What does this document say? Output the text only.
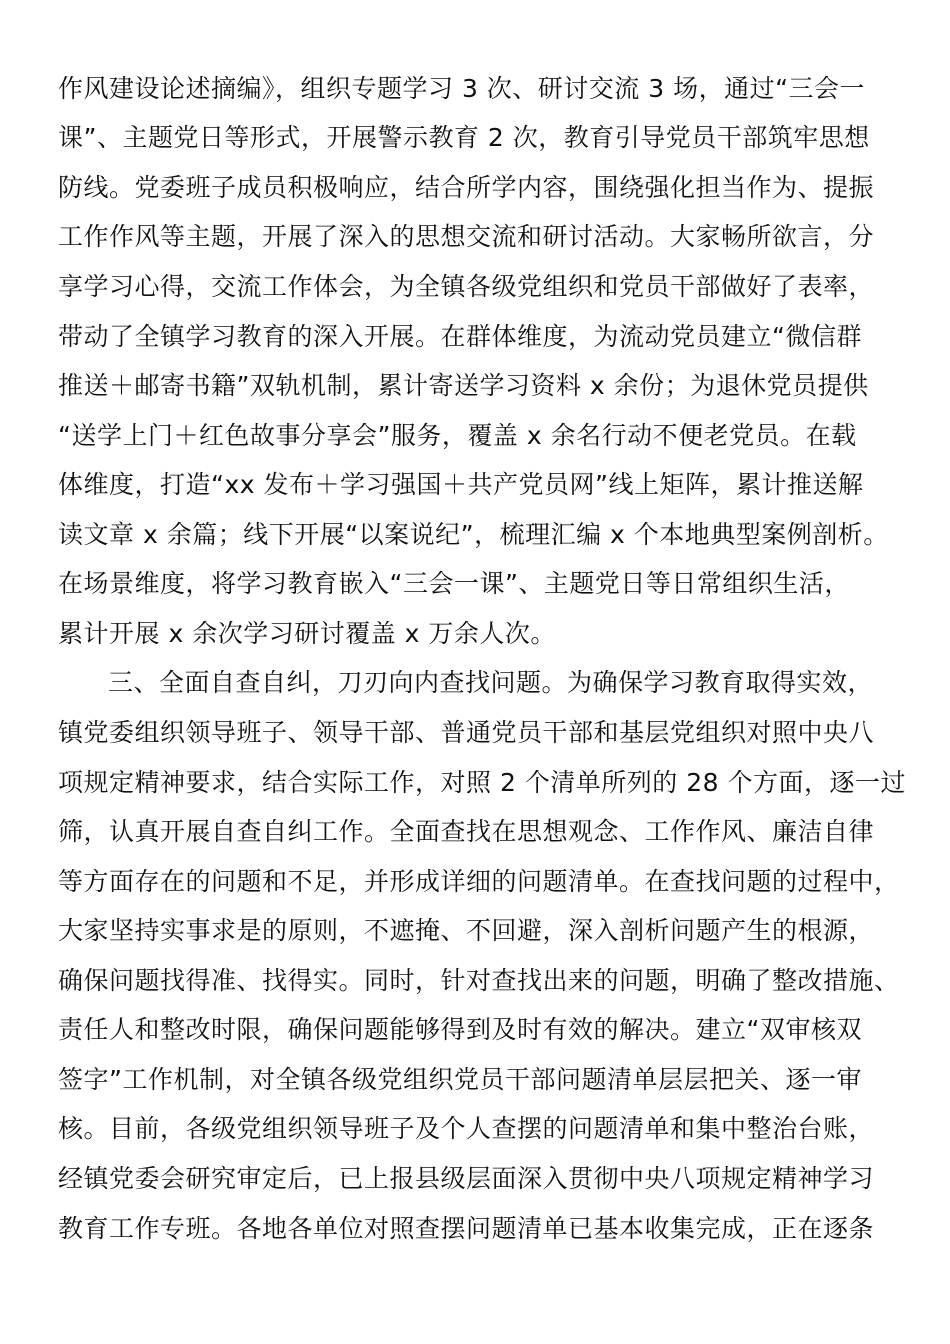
作风建设论述摘编》，组织专题学习 3 次、研讨交流 3 场，通过“三会一
课”、主题党日等形式，开展警示教育 2 次，教育引导党员干部筑牢思想
防线。党委班子成员积极响应，结合所学内容，围绕强化担当作为、提振
工作作风等主题，开展了深入的思想交流和研讨活动。大家畅所欲言，分
享学习心得，交流工作体会，为全镇各级党组织和党员干部做好了表率，
带动了全镇学习教育的深入开展。在群体维度，为流动党员建立“微信群
推送＋邮寄书籍”双轨机制，累计寄送学习资料 x 余份；为退休党员提供
“送学上门＋红色故事分享会”服务，覆盖 x 余名行动不便老党员。在载
体维度，打造“xx 发布＋学习强国＋共产党员网”线上矩阵，累计推送解
读文章 x 余篇；线下开展“以案说纪”，梳理汇编 x 个本地典型案例剖析。
在场景维度，将学习教育嵌入“三会一课”、主题党日等日常组织生活，
累计开展 x 余次学习研讨覆盖 x 万余人次。
三、全面自查自纠，刀刃向内查找问题。为确保学习教育取得实效，
镇党委组织领导班子、领导干部、普通党员干部和基层党组织对照中央八
项规定精神要求，结合实际工作，对照 2 个清单所列的 28 个方面，逐一过
筛，认真开展自查自纠工作。全面查找在思想观念、工作作风、廉洁自律
等方面存在的问题和不足，并形成详细的问题清单。在查找问题的过程中，
大家坚持实事求是的原则，不遮掩、不回避，深入剖析问题产生的根源，
确保问题找得准、找得实。同时，针对查找出来的问题，明确了整改措施、
责任人和整改时限，确保问题能够得到及时有效的解决。建立“双审核双
签字”工作机制，对全镇各级党组织党员干部问题清单层层把关、逐一审
核。目前，各级党组织领导班子及个人查摆的问题清单和集中整治台账，
经镇党委会研究审定后，已上报县级层面深入贯彻中央八项规定精神学习
教育工作专班。各地各单位对照查摆问题清单已基本收集完成，正在逐条
